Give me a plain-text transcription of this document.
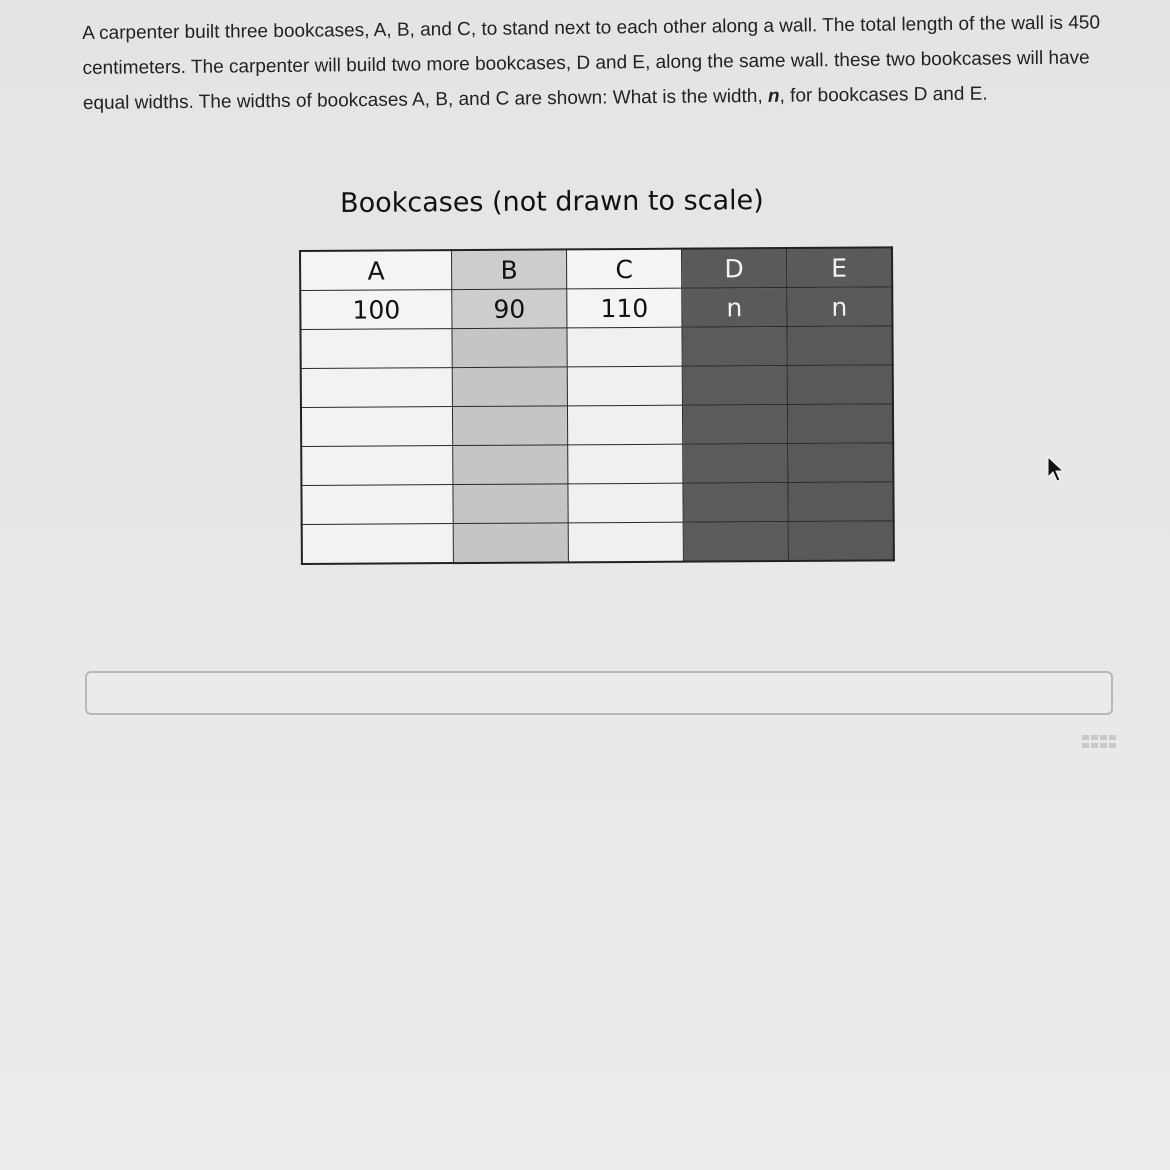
A carpenter built three bookcases, A, B, and C, to stand next to each other along a wall. The total length of the wall is 450 centimeters. The carpenter will build two more bookcases, D and E, along the same wall. these two bookcases will have equal widths. The widths of bookcases A, B, and C are shown: What is the width, n, for bookcases D and E.
Bookcases (not drawn to scale)
A	B	C	D	E
100	90	110	n	n
